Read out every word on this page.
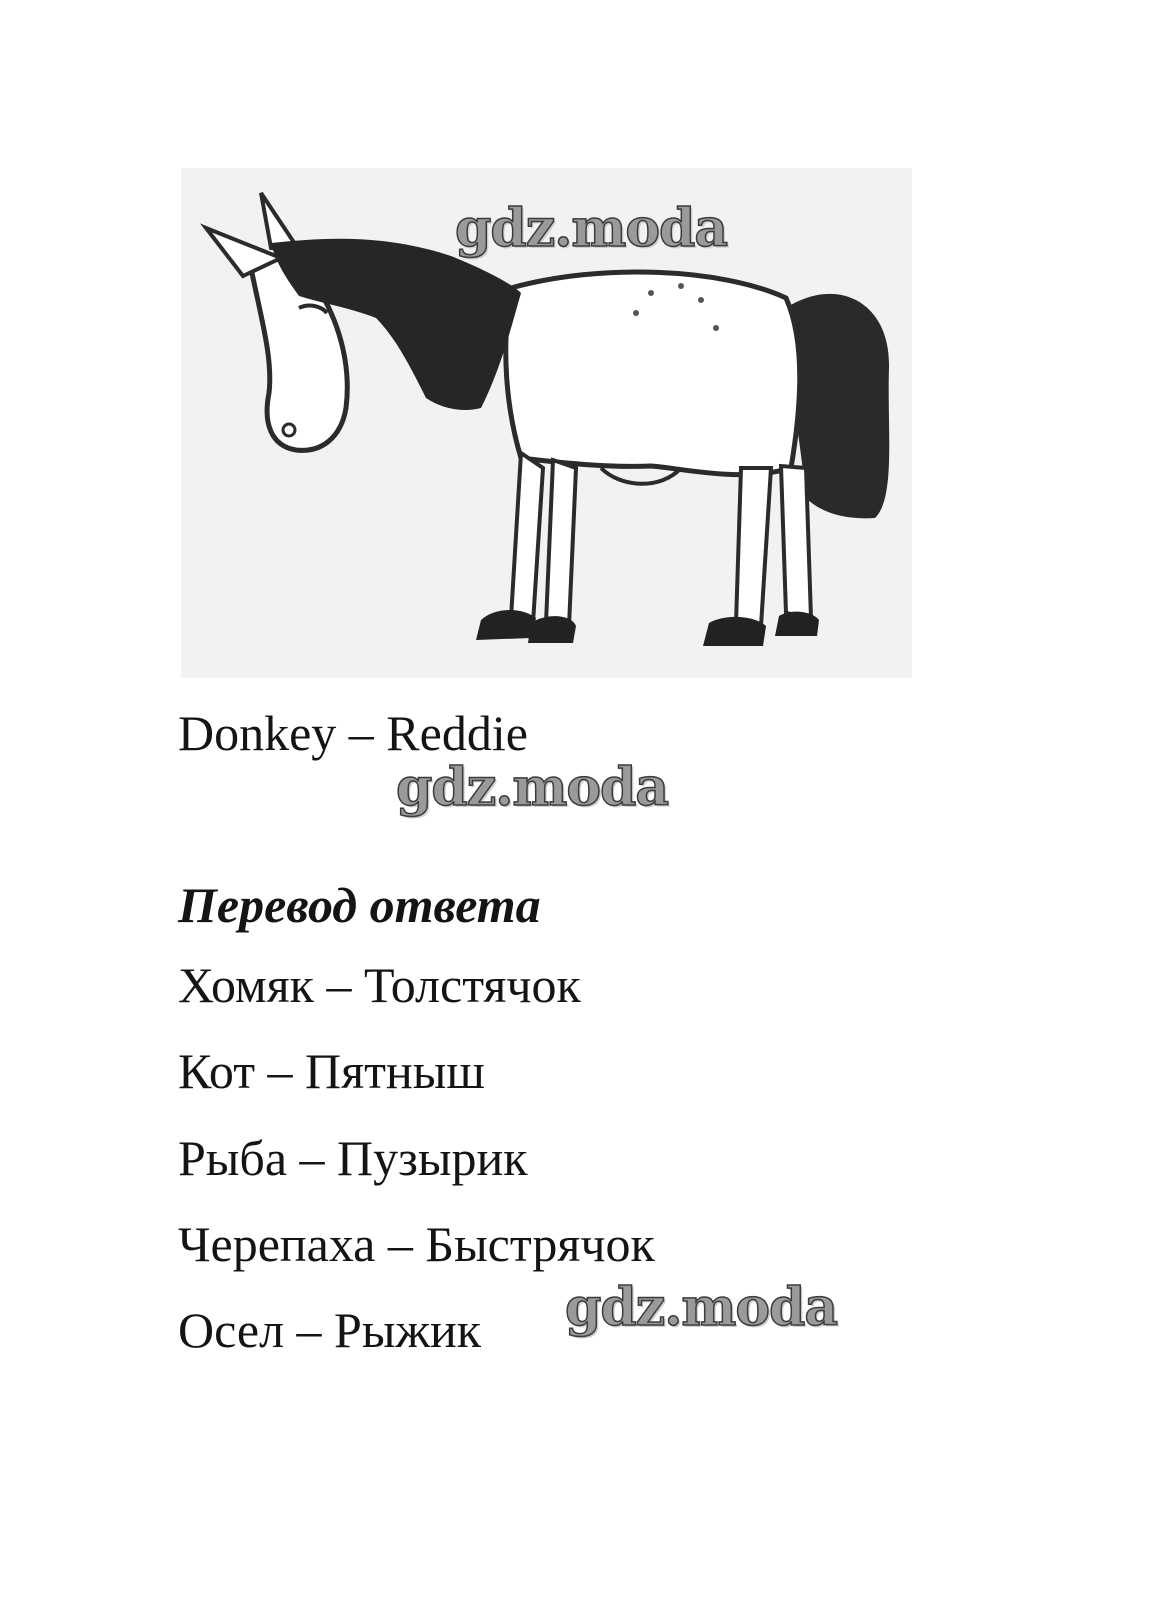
Donkey – Reddie

Перевод ответа

Хомяк – Толстячок

Кот – Пятныш

Рыба – Пузырик

Черепаха – Быстрячок

Осел – Рыжик

gdz.moda

gdz.moda

gdz.moda
